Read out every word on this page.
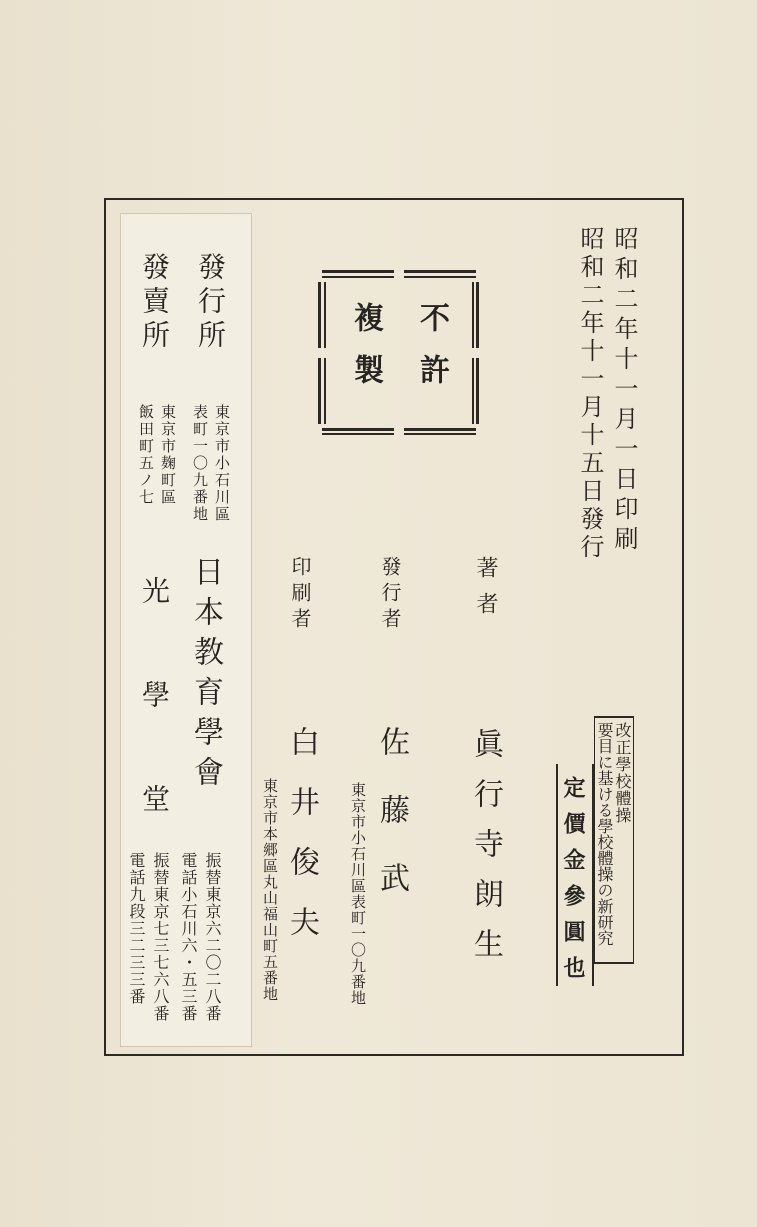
昭和二年十一月一日印刷
昭和二年十一月十五日發行
不許
複製
著者
眞行寺朗生
發行者
佐藤武
東京市小石川區表町一〇九番地
印刷者
白井俊夫
東京市本郷區丸山福山町五番地
改正學校體操
要目に基ける學校體操の新研究
定價金參圓也
發行所
發賣所
東京市小石川區
表町一〇九番地
東京市麹町區
飯田町五ノ七
日本教育學會
光學堂
振替東京六二〇二八番
電話小石川六・五三番
振替東京七三七六八番
電話九段三二三三番
